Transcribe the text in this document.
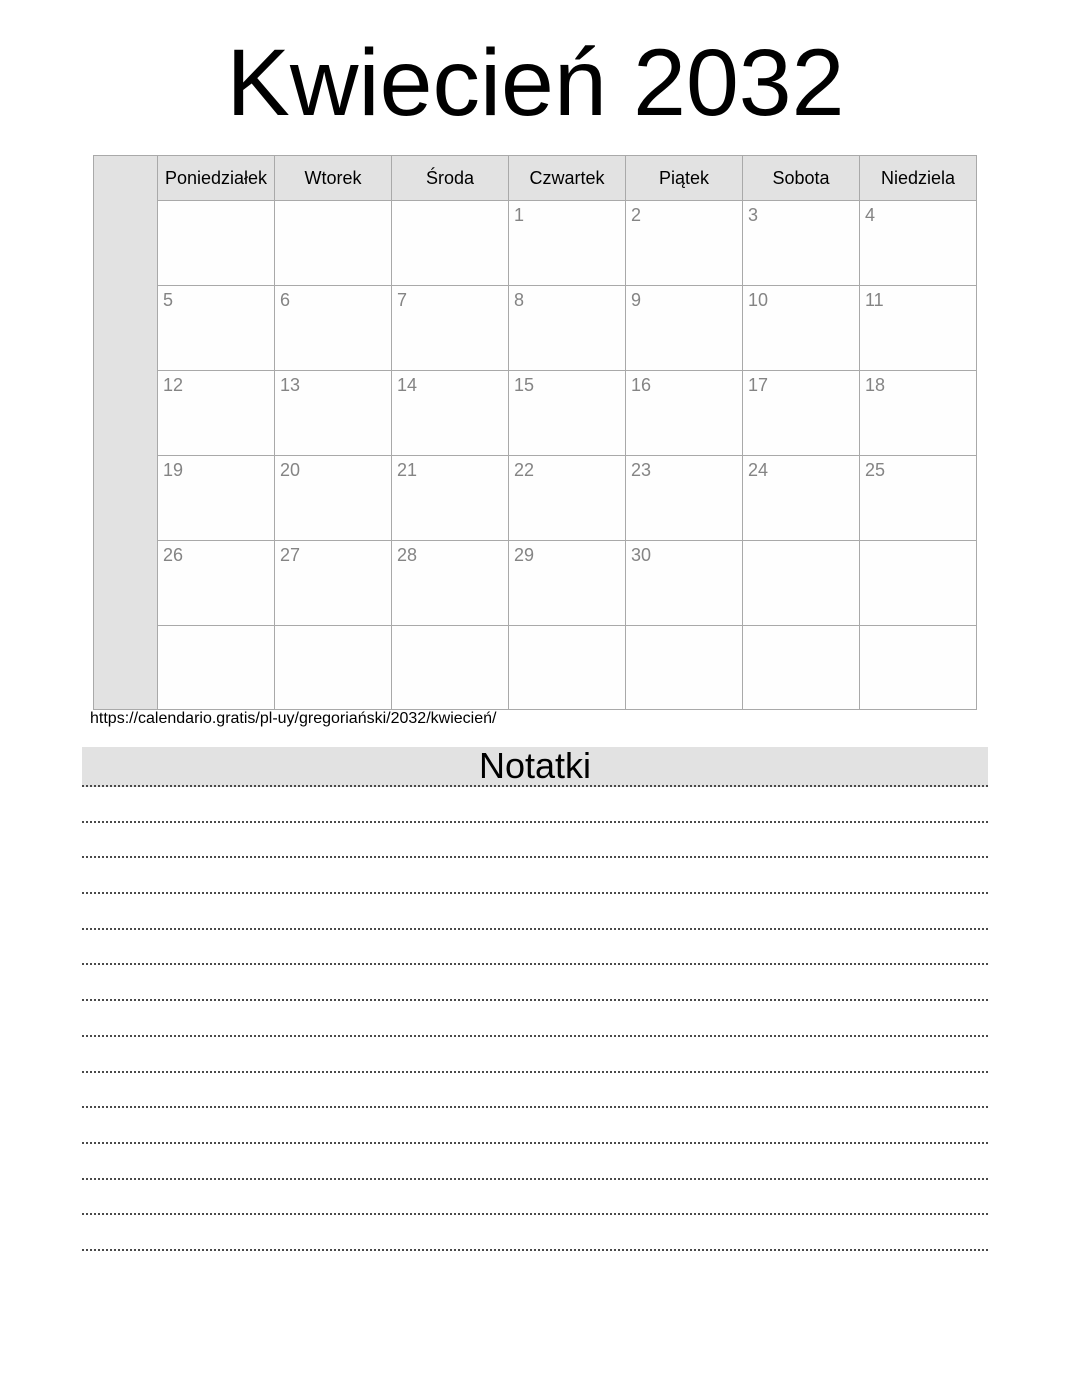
Kwiecień 2032
	Poniedziałek	Wtorek	Środa	Czwartek	Piątek	Sobota	Niedziela
				1	2	3	4
	5	6	7	8	9	10	11
	12	13	14	15	16	17	18
	19	20	21	22	23	24	25
	26	27	28	29	30		

https://calendario.gratis/pl-uy/gregoriański/2032/kwiecień/
Notatki
